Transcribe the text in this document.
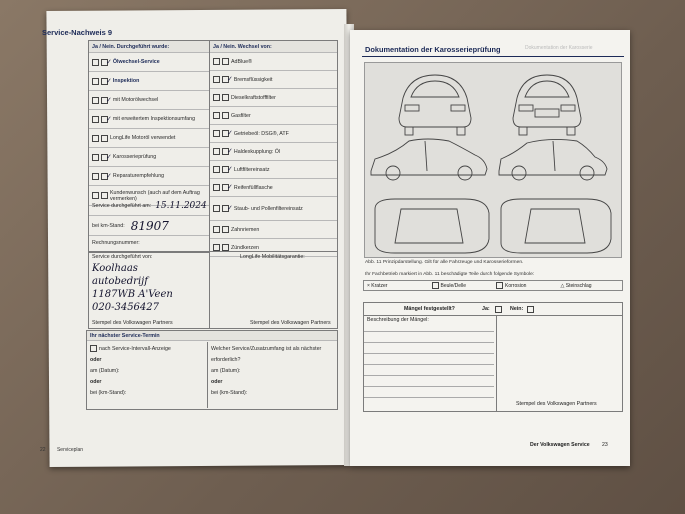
Service-Nachweis 9
Ja / Nein. Durchgeführt wurde:
✓ Ölwechsel-Service
✓ Inspektion
✓ mit Motorölwechsel
✓ mit erweitertem Inspektionsumfang
LongLife Motoröl verwendet
✓ Karosserieprüfung
✓ Reparaturempfehlung
Kundenwunsch (auch auf dem Auftrag vermerken)
Ja / Nein. Wechsel von:
AdBlue®
✓ Bremsflüssigkeit
Dieselkraftstofffilter
Gasfilter
✓ Getriebeöl: DSG®, ATF
✓ Haldexkupplung: Öl
✓ Luftfiltereinsatz
✓ Reifenfüllflasche
✓ Staub- und Pollenfiltereinsatz
Zahnriemen
Zündkerzen
Service durchgeführt am: 15.11.2024
bei km-Stand: 81907
Rechnungsnummer:
Service durchgeführt von:
Koolhaas
autobedrijf
1187WB A'Veen
020-3456427
Stempel des Volkswagen Partners
LongLife Mobilitätsgarantie:
Stempel des Volkswagen Partners
Ihr nächster Service-Termin
nach Service-Intervall-Anzeige
oder
am (Datum):
oder
bei (km-Stand):
Welcher Service/Zusatzumfang ist als nächster erforderlich?
am (Datum):
oder
bei (km-Stand):
22 Serviceplan
Dokumentation der Karosserieprüfung	Dokumentation der Karosserie
Abb. 11 Prinzipdarstellung. Gilt für alle Fahrzeuge und Karosserieformen.
Ihr Fachbetrieb markiert in Abb. 11 beschädigte Teile durch folgende Symbole:
× Kratzer	Beule/Delle	Korrosion	△ Steinschlag
Mängel festgestellt?	Ja:	Nein:
Beschreibung der Mängel:
Stempel des Volkswagen Partners
Der Volkswagen Service 23
